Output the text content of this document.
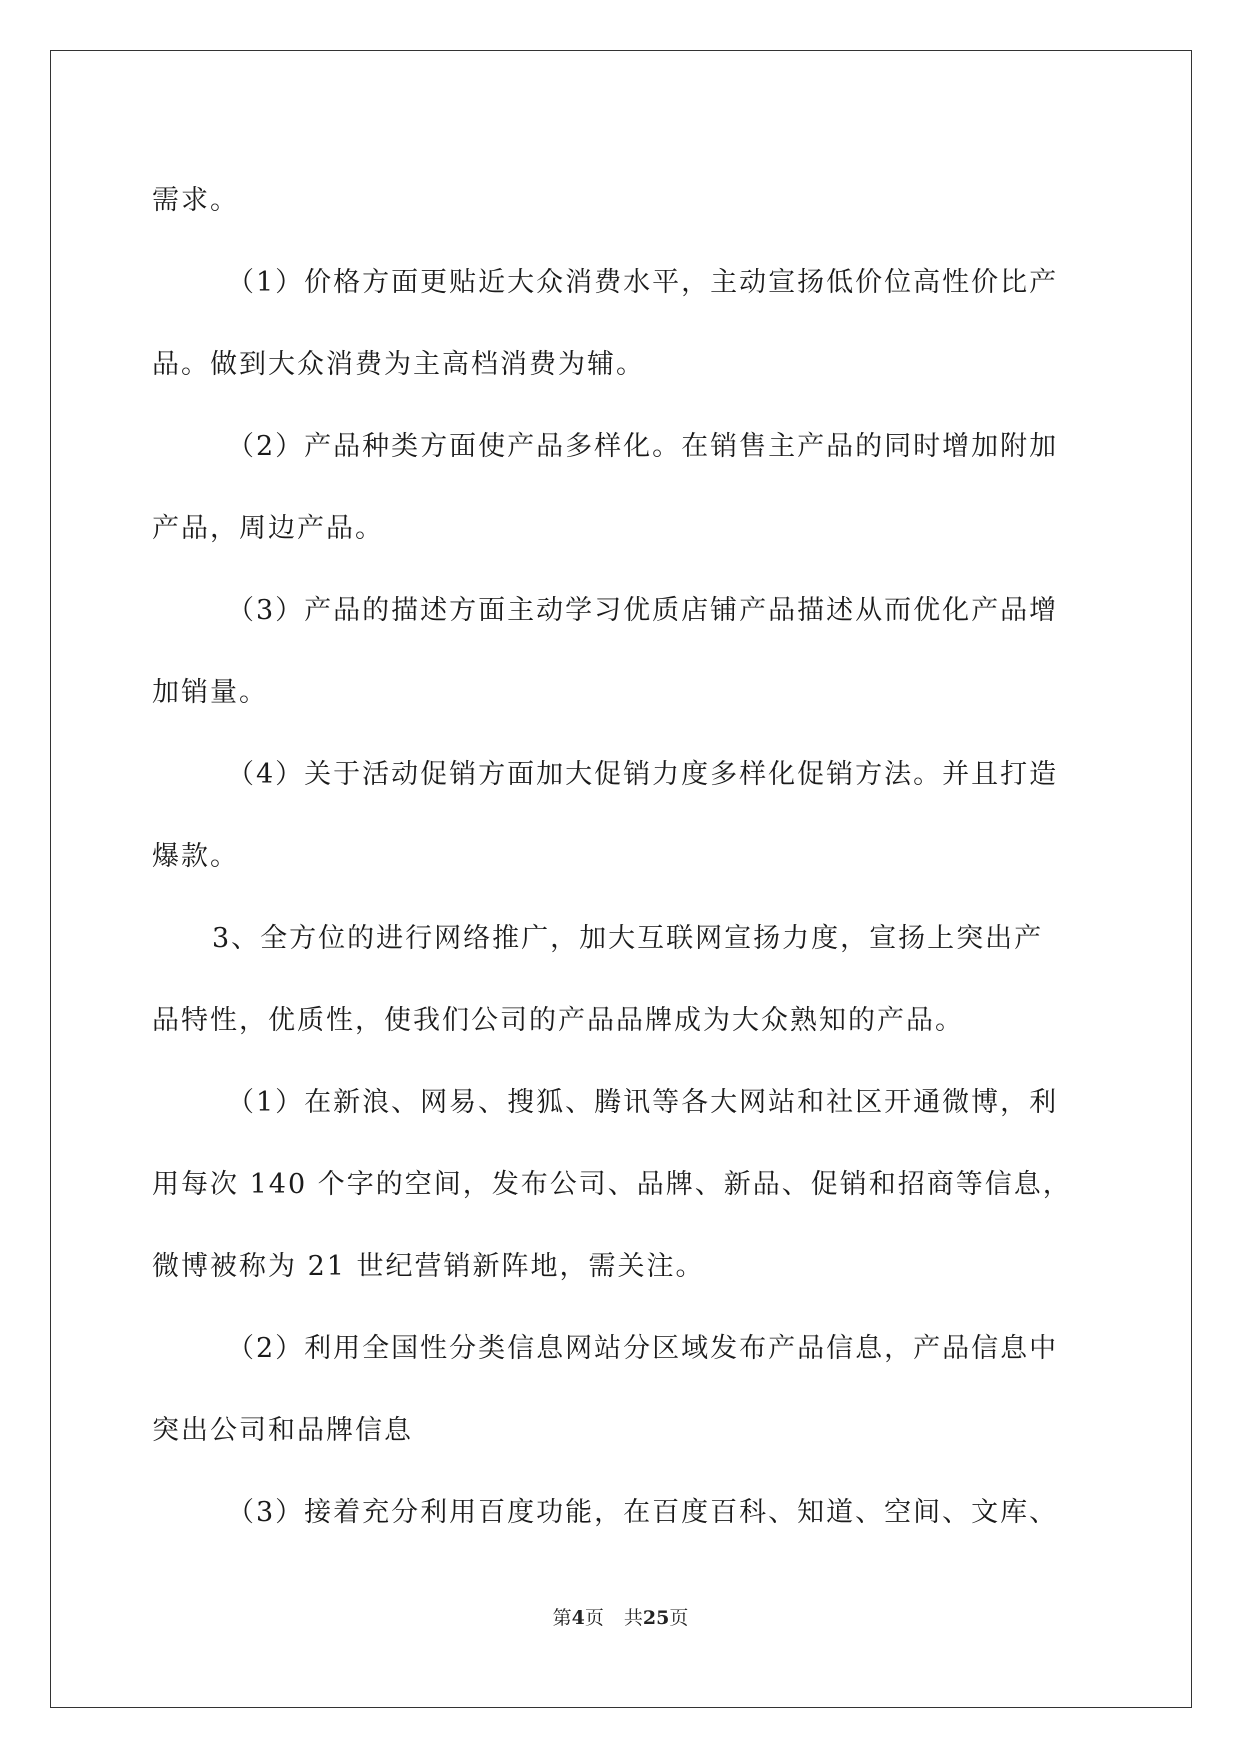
需求。
（1）价格方面更贴近大众消费水平，主动宣扬低价位高性价比产
品。做到大众消费为主高档消费为辅。
（2）产品种类方面使产品多样化。在销售主产品的同时增加附加
产品，周边产品。
（3）产品的描述方面主动学习优质店铺产品描述从而优化产品增
加销量。
（4）关于活动促销方面加大促销力度多样化促销方法。并且打造
爆款。
3、全方位的进行网络推广，加大互联网宣扬力度，宣扬上突出产
品特性，优质性，使我们公司的产品品牌成为大众熟知的产品。
（1）在新浪、网易、搜狐、腾讯等各大网站和社区开通微博，利
用每次 140 个字的空间，发布公司、品牌、新品、促销和招商等信息，
微博被称为 21 世纪营销新阵地，需关注。
（2）利用全国性分类信息网站分区域发布产品信息，产品信息中
突出公司和品牌信息
（3）接着充分利用百度功能，在百度百科、知道、空间、文库、
第4页 共25页
